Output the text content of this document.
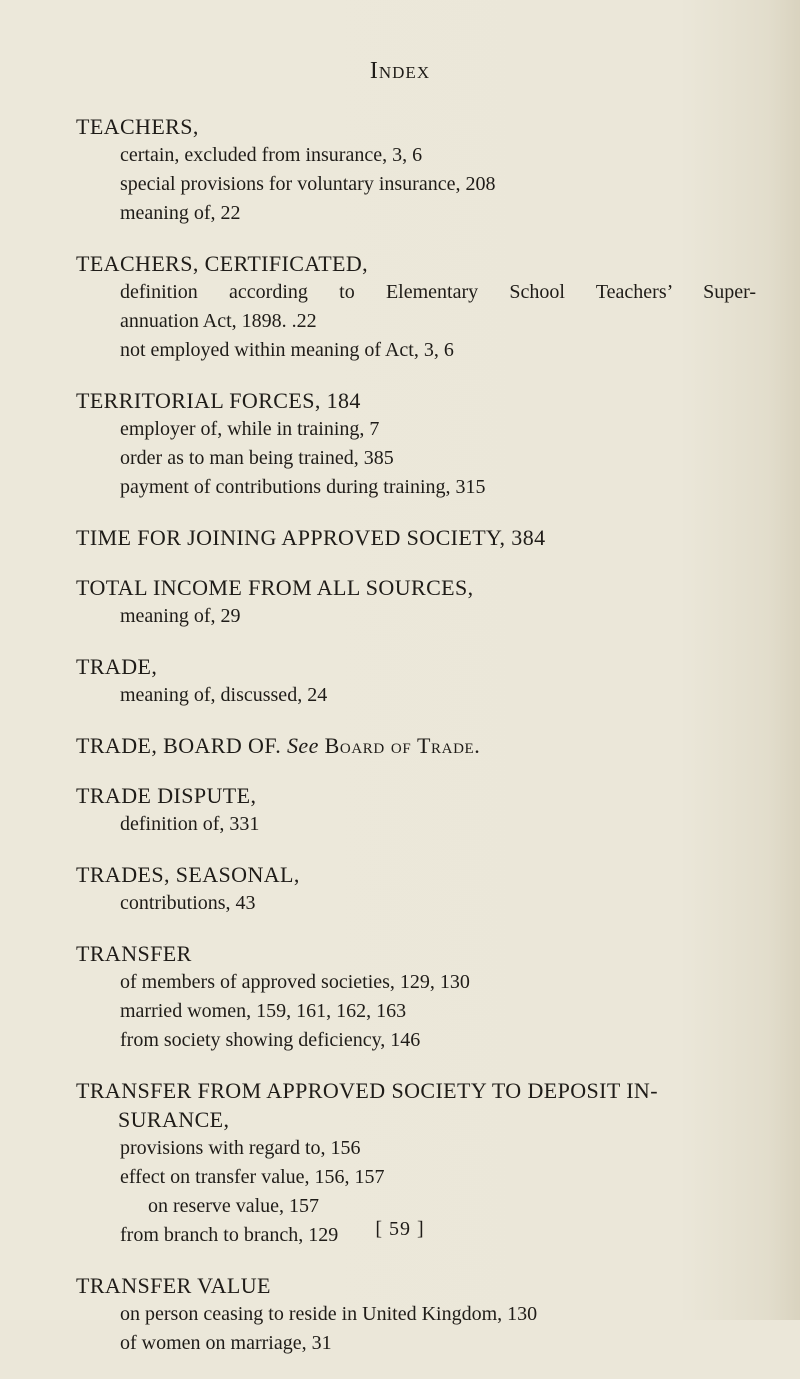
Index

TEACHERS,

certain, excluded from insurance, 3, 6

special provisions for voluntary insurance, 208

meaning of, 22

TEACHERS, CERTIFICATED,

definition according to Elementary School Teachers’ Super-

annuation Act, 1898. .22

not employed within meaning of Act, 3, 6

TERRITORIAL FORCES, 184

employer of, while in training, 7

order as to man being trained, 385

payment of contributions during training, 315

TIME FOR JOINING APPROVED SOCIETY, 384

TOTAL INCOME FROM ALL SOURCES,

meaning of, 29

TRADE,

meaning of, discussed, 24

TRADE, BOARD OF. See Board of Trade.

TRADE DISPUTE,

definition of, 331

TRADES, SEASONAL,

contributions, 43

TRANSFER

of members of approved societies, 129, 130

married women, 159, 161, 162, 163

from society showing deficiency, 146

TRANSFER FROM APPROVED SOCIETY TO DEPOSIT IN-
SURANCE,

provisions with regard to, 156

effect on transfer value, 156, 157

on reserve value, 157

from branch to branch, 129

TRANSFER VALUE

on person ceasing to reside in United Kingdom, 130

of women on marriage, 31

[ 59 ]
